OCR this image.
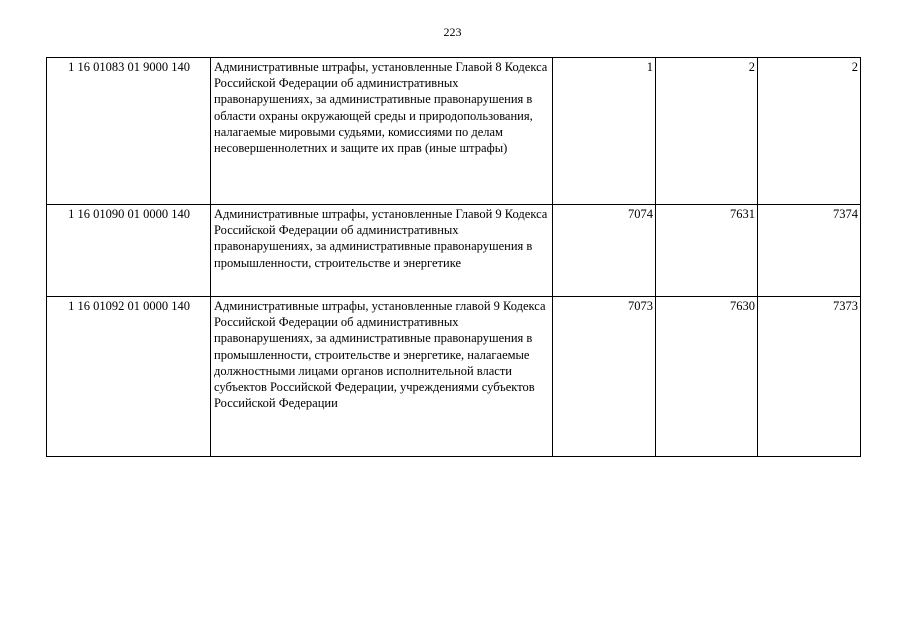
223
1 16 01083 01 9000 140	Административные штрафы, установленные Главой 8 Кодекса Российской Федерации об административных правонарушениях, за административные правонарушения в области охраны окружающей среды и природопользования, налагаемые мировыми судьями, комиссиями по делам несовершеннолетних и защите их прав (иные штрафы)	1	2	2
1 16 01090 01 0000 140	Административные штрафы, установленные Главой 9 Кодекса Российской Федерации об административных правонарушениях, за административные правонарушения в промышленности, строительстве и энергетике	7074	7631	7374
1 16 01092 01 0000 140	Административные штрафы, установленные главой 9 Кодекса Российской Федерации об административных правонарушениях, за административные правонарушения в промышленности, строительстве и энергетике, налагаемые должностными лицами органов исполнительной власти субъектов Российской Федерации, учреждениями субъектов Российской Федерации	7073	7630	7373
